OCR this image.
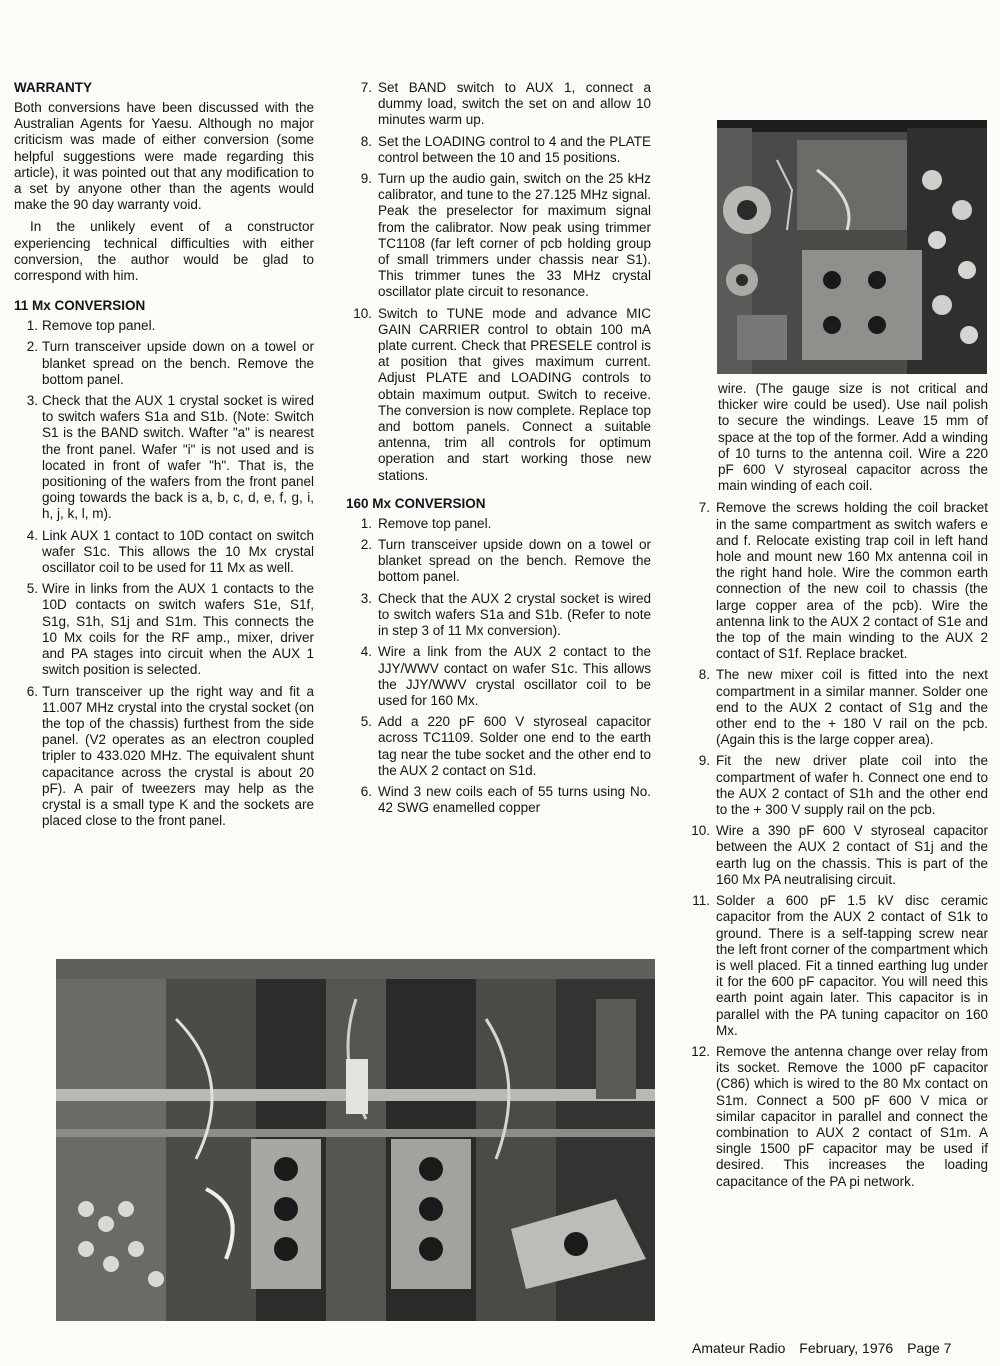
WARRANTY

Both conversions have been discussed with the Australian Agents for Yaesu. Although no major criticism was made of either conversion (some helpful suggestions were made regarding this article), it was pointed out that any modification to a set by anyone other than the agents would make the 90 day warranty void.

In the unlikely event of a constructor experiencing technical difficulties with either conversion, the author would be glad to correspond with him.

11 Mx CONVERSION
1. Remove top panel.
2. Turn transceiver upside down on a towel or blanket spread on the bench. Remove the bottom panel.
3. Check that the AUX 1 crystal socket is wired to switch wafers S1a and S1b. (Note: Switch S1 is the BAND switch. Wafter "a" is nearest the front panel. Wafer "i" is not used and is located in front of wafer "h". That is, the positioning of the wafers from the front panel going towards the back is a, b, c, d, e, f, g, i, h, j, k, l, m).
4. Link AUX 1 contact to 10D contact on switch wafer S1c. This allows the 10 Mx crystal oscillator coil to be used for 11 Mx as well.
5. Wire in links from the AUX 1 contacts to the 10D contacts on switch wafers S1e, S1f, S1g, S1h, S1j and S1m. This connects the 10 Mx coils for the RF amp., mixer, driver and PA stages into circuit when the AUX 1 switch position is selected.
6. Turn transceiver up the right way and fit a 11.007 MHz crystal into the crystal socket (on the top of the chassis) furthest from the side panel. (V2 operates as an electron coupled tripler to 433.020 MHz. The equivalent shunt capacitance across the crystal is about 20 pF). A pair of tweezers may help as the crystal is a small type K and the sockets are placed close to the front panel.
7. Set BAND switch to AUX 1, connect a dummy load, switch the set on and allow 10 minutes warm up.
8. Set the LOADING control to 4 and the PLATE control between the 10 and 15 positions.
9. Turn up the audio gain, switch on the 25 kHz calibrator, and tune to the 27.125 MHz signal. Peak the preselector for maximum signal from the calibrator. Now peak using trimmer TC1108 (far left corner of pcb holding group of small trimmers under chassis near S1). This trimmer tunes the 33 MHz crystal oscillator plate circuit to resonance.
10. Switch to TUNE mode and advance MIC GAIN CARRIER control to obtain 100 mA plate current. Check that PRESELE control is at position that gives maximum current. Adjust PLATE and LOADING controls to obtain maximum output. Switch to receive. The conversion is now complete. Replace top and bottom panels. Connect a suitable antenna, trim all controls for optimum operation and start working those new stations.
160 Mx CONVERSION
1. Remove top panel.
2. Turn transceiver upside down on a towel or blanket spread on the bench. Remove the bottom panel.
3. Check that the AUX 2 crystal socket is wired to switch wafers S1a and S1b. (Refer to note in step 3 of 11 Mx conversion).
4. Wire a link from the AUX 2 contact to the JJY/WWV contact on wafer S1c. This allows the JJY/WWV crystal oscillator coil to be used for 160 Mx.
5. Add a 220 pF 600 V styroseal capacitor across TC1109. Solder one end to the earth tag near the tube socket and the other end to the AUX 2 contact on S1d.
6. Wind 3 new coils each of 55 turns using No. 42 SWG enamelled copper

wire. (The gauge size is not critical and thicker wire could be used). Use nail polish to secure the windings. Leave 15 mm of space at the top of the former. Add a winding of 10 turns to the antenna coil. Wire a 220 pF 600 V styroseal capacitor across the main winding of each coil.

7. Remove the screws holding the coil bracket in the same compartment as switch wafers e and f. Relocate existing trap coil in left hand hole and mount new 160 Mx antenna coil in the right hand hole. Wire the common earth connection of the new coil to chassis (the large copper area of the pcb). Wire the antenna link to the AUX 2 contact of S1e and the top of the main winding to the AUX 2 contact of S1f. Replace bracket.
8. The new mixer coil is fitted into the next compartment in a similar manner. Solder one end to the AUX 2 contact of S1g and the other end to the + 180 V rail on the pcb. (Again this is the large copper area).
9. Fit the new driver plate coil into the compartment of wafer h. Connect one end to the AUX 2 contact of S1h and the other end to the + 300 V supply rail on the pcb.
10. Wire a 390 pF 600 V styroseal capacitor between the AUX 2 contact of S1j and the earth lug on the chassis. This is part of the 160 Mx PA neutralising circuit.
11. Solder a 600 pF 1.5 kV disc ceramic capacitor from the AUX 2 contact of S1k to ground. There is a self-tapping screw near the left front corner of the compartment which is well placed. Fit a tinned earthing lug under it for the 600 pF capacitor. You will need this earth point again later. This capacitor is in parallel with the PA tuning capacitor on 160 Mx.
12. Remove the antenna change over relay from its socket. Remove the 1000 pF capacitor (C86) which is wired to the 80 Mx contact on S1m. Connect a 500 pF 600 V mica or similar capacitor in parallel and connect the combination to AUX 2 contact of S1m. A single 1500 pF capacitor may be used if desired. This increases the loading capacitance of the PA pi network.
Amateur Radio February, 1976 Page 7
